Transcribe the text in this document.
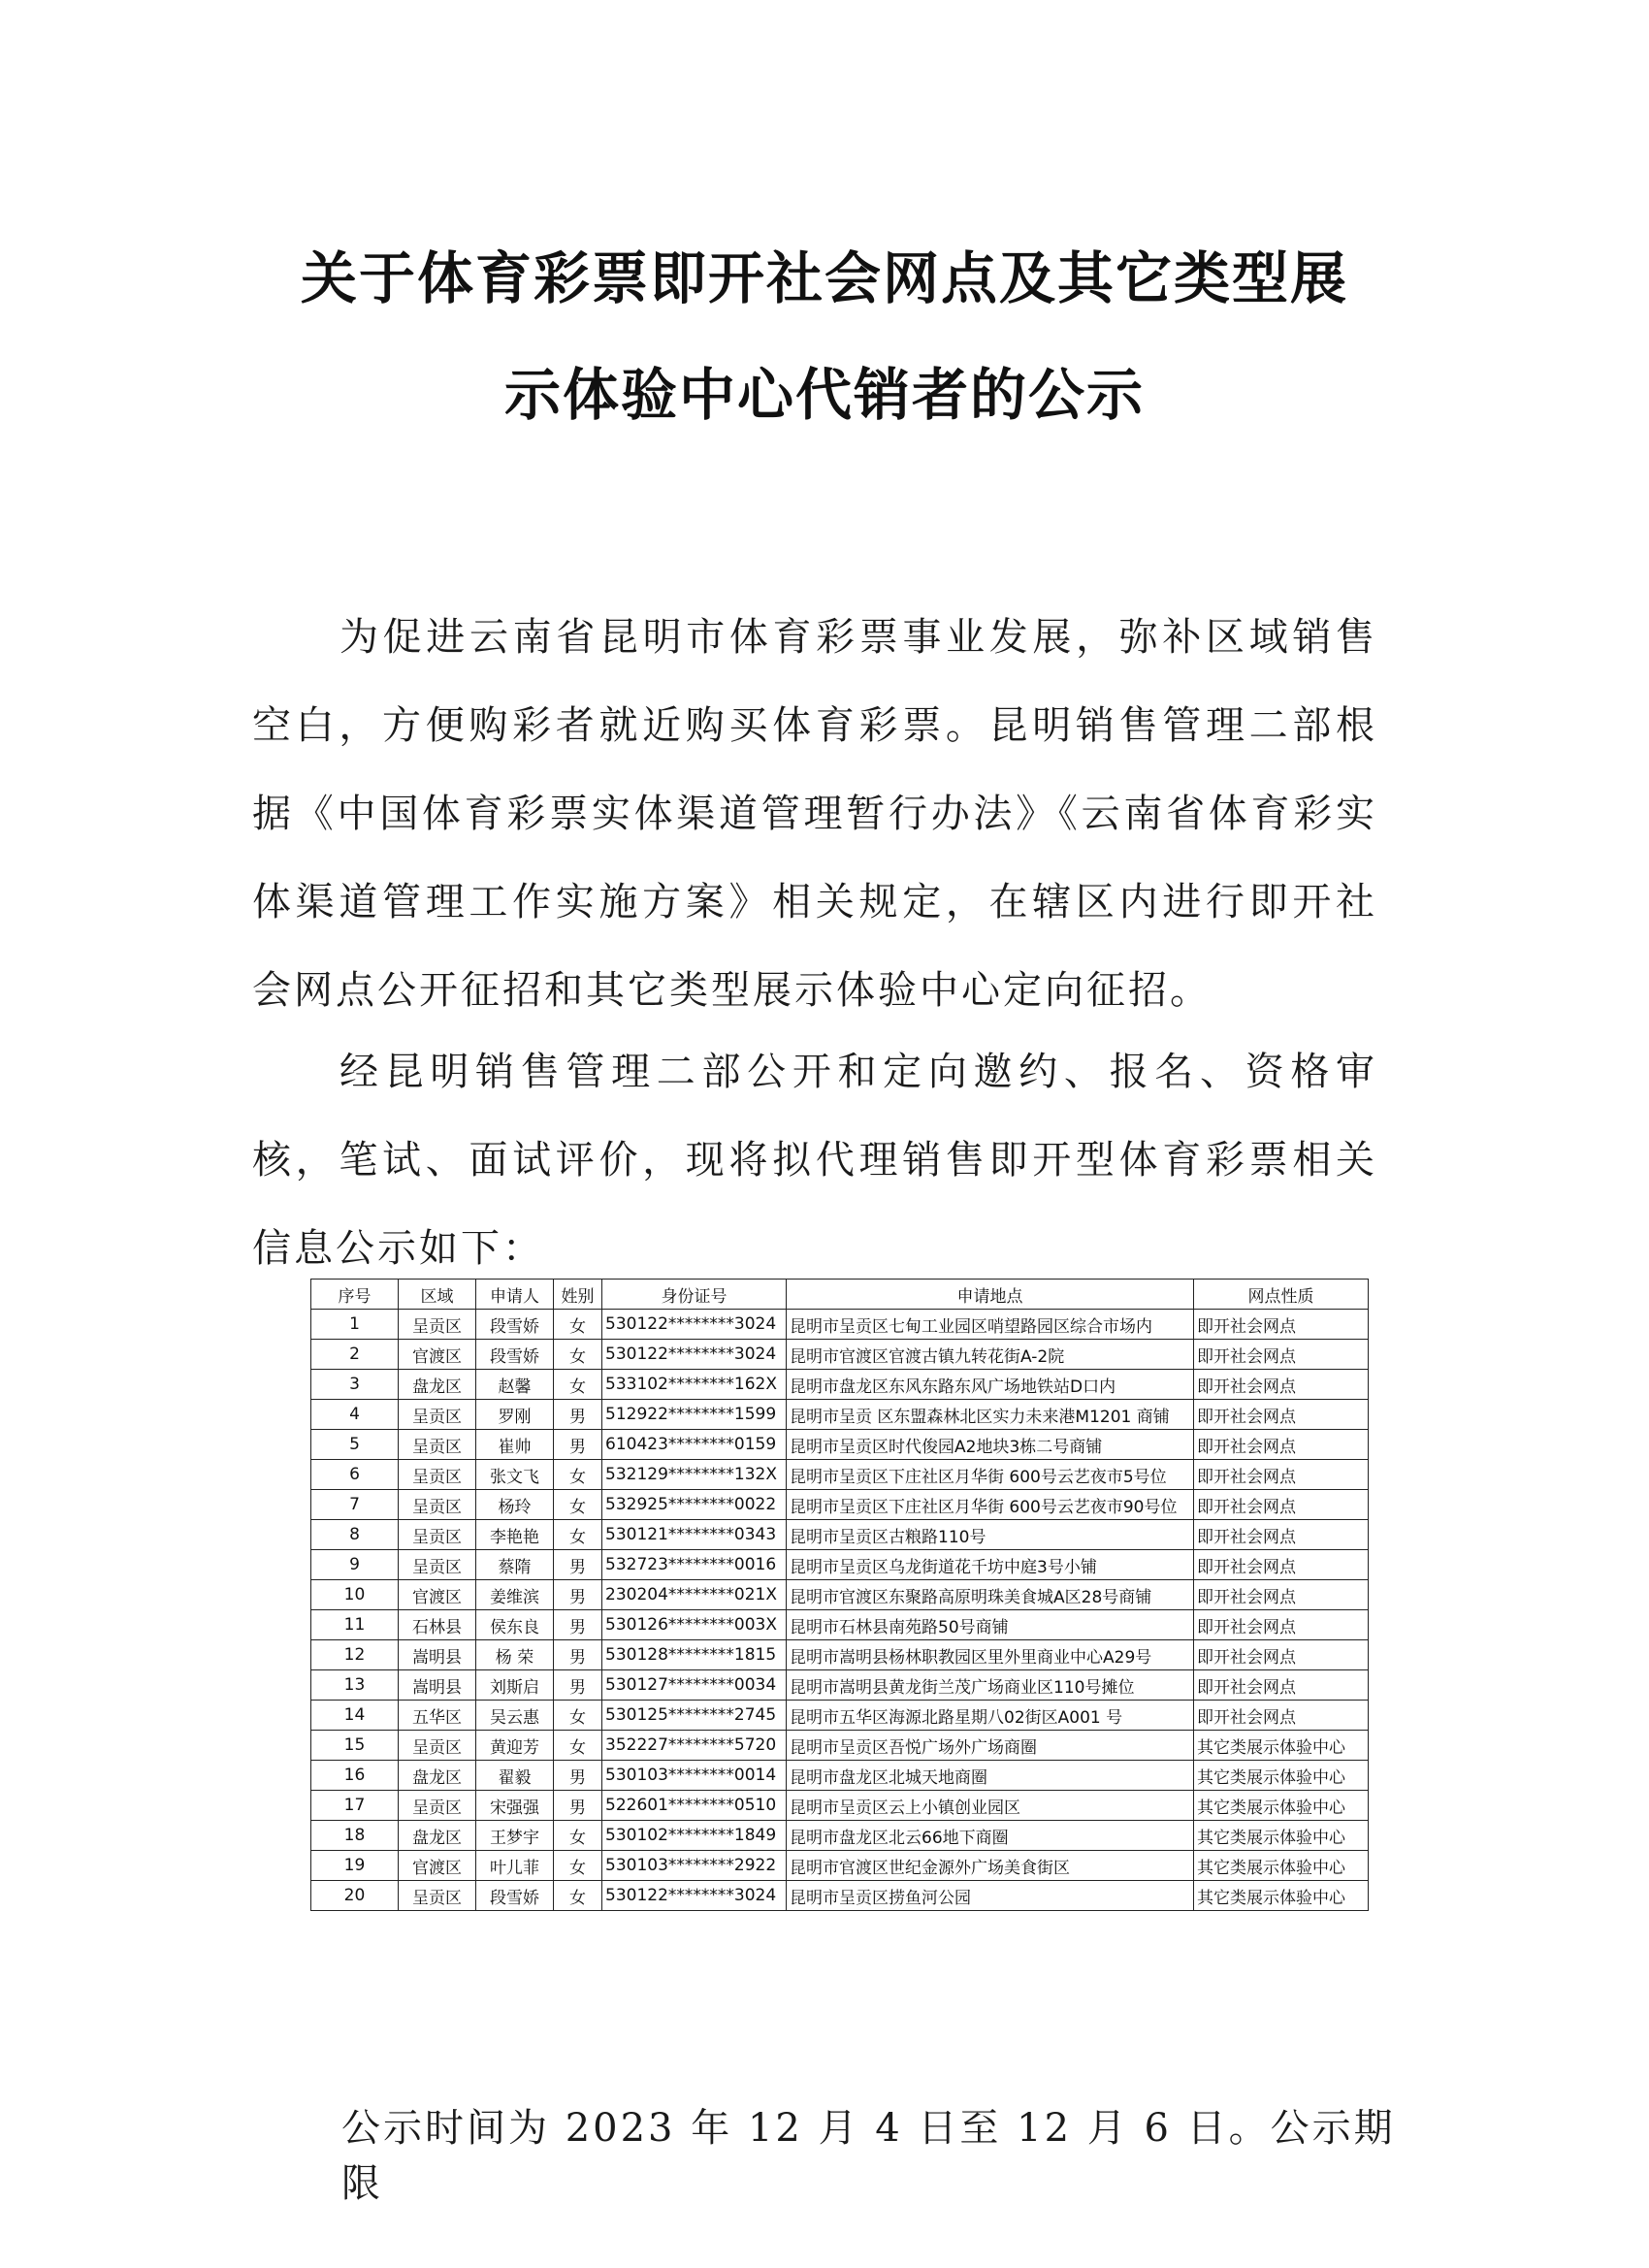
关于体育彩票即开社会网点及其它类型展
示体验中心代销者的公示
为促进云南省昆明市体育彩票事业发展，弥补区域销售空白，方便购彩者就近购买体育彩票。昆明销售管理二部根据《中国体育彩票实体渠道管理暂行办法》《云南省体育彩实体渠道管理工作实施方案》相关规定，在辖区内进行即开社会网点公开征招和其它类型展示体验中心定向征招。
经昆明销售管理二部公开和定向邀约、报名、资格审核，笔试、面试评价，现将拟代理销售即开型体育彩票相关信息公示如下：
序号	区域	申请人	姓别	身份证号	申请地点	网点性质
1	呈贡区	段雪娇	女	530122********3024	昆明市呈贡区七甸工业园区哨望路园区综合市场内	即开社会网点
2	官渡区	段雪娇	女	530122********3024	昆明市官渡区官渡古镇九转花街A-2院	即开社会网点
3	盘龙区	赵馨	女	533102********162X	昆明市盘龙区东风东路东风广场地铁站D口内	即开社会网点
4	呈贡区	罗刚	男	512922********1599	昆明市呈贡 区东盟森林北区实力未来港M1201 商铺	即开社会网点
5	呈贡区	崔帅	男	610423********0159	昆明市呈贡区时代俊园A2地块3栋二号商铺	即开社会网点
6	呈贡区	张文飞	女	532129********132X	昆明市呈贡区下庄社区月华街 600号云艺夜市5号位	即开社会网点
7	呈贡区	杨玲	女	532925********0022	昆明市呈贡区下庄社区月华街 600号云艺夜市90号位	即开社会网点
8	呈贡区	李艳艳	女	530121********0343	昆明市呈贡区古粮路110号	即开社会网点
9	呈贡区	蔡隋	男	532723********0016	昆明市呈贡区乌龙街道花千坊中庭3号小铺	即开社会网点
10	官渡区	姜维滨	男	230204********021X	昆明市官渡区东聚路高原明珠美食城A区28号商铺	即开社会网点
11	石林县	侯东良	男	530126********003X	昆明市石林县南苑路50号商铺	即开社会网点
12	嵩明县	杨 荣	男	530128********1815	昆明市嵩明县杨林职教园区里外里商业中心A29号	即开社会网点
13	嵩明县	刘斯启	男	530127********0034	昆明市嵩明县黄龙街兰茂广场商业区110号摊位	即开社会网点
14	五华区	吴云惠	女	530125********2745	昆明市五华区海源北路星期八02街区A001 号	即开社会网点
15	呈贡区	黄迎芳	女	352227********5720	昆明市呈贡区吾悦广场外广场商圈	其它类展示体验中心
16	盘龙区	翟毅	男	530103********0014	昆明市盘龙区北城天地商圈	其它类展示体验中心
17	呈贡区	宋强强	男	522601********0510	昆明市呈贡区云上小镇创业园区	其它类展示体验中心
18	盘龙区	王梦宇	女	530102********1849	昆明市盘龙区北云66地下商圈	其它类展示体验中心
19	官渡区	叶儿菲	女	530103********2922	昆明市官渡区世纪金源外广场美食街区	其它类展示体验中心
20	呈贡区	段雪娇	女	530122********3024	昆明市呈贡区捞鱼河公园	其它类展示体验中心
公示时间为 2023 年 12 月 4 日至 12 月 6 日。公示期限
